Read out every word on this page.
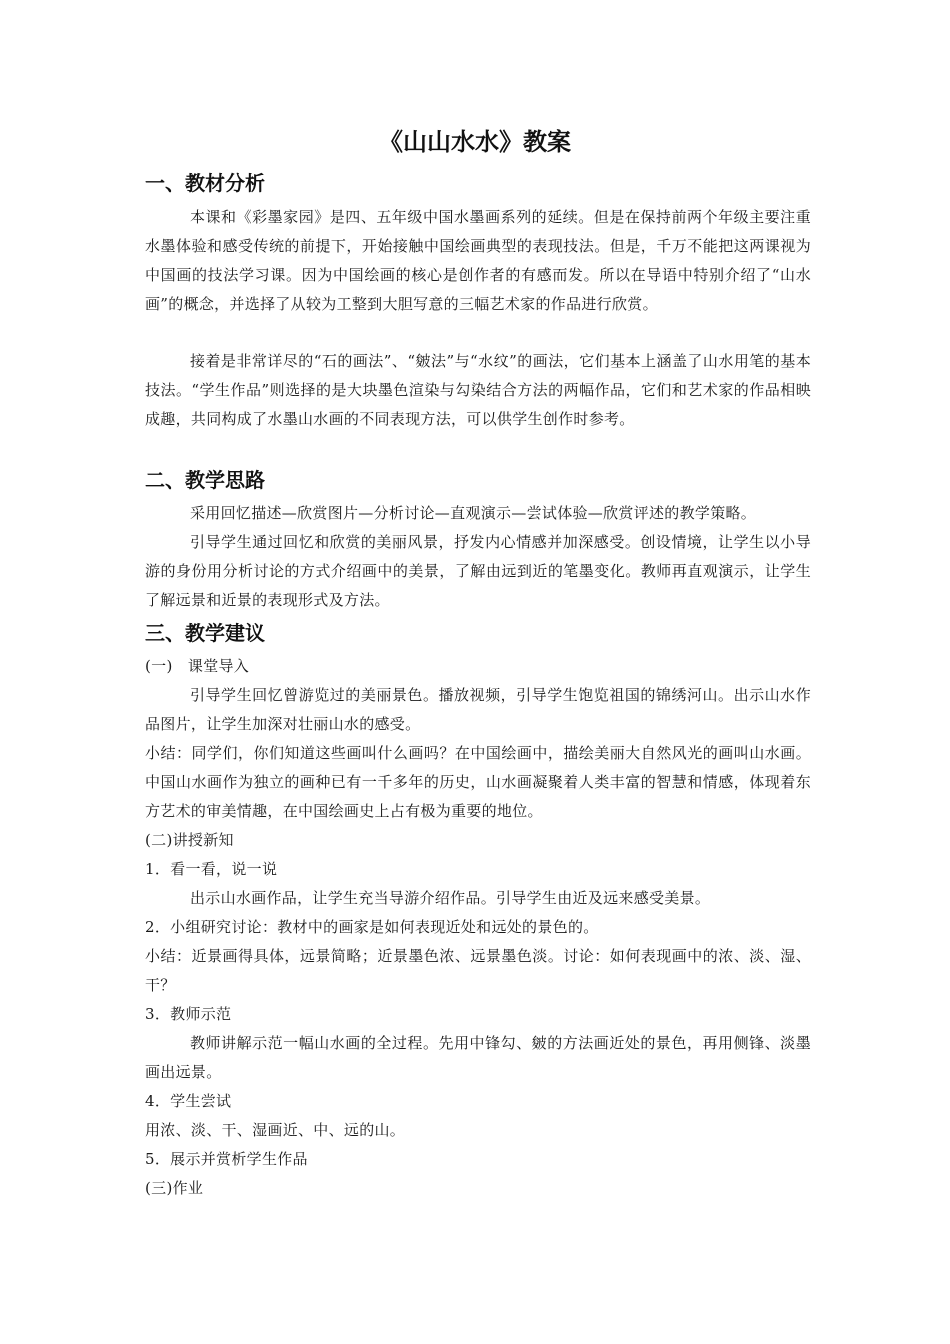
《山山水水》教案
一、教材分析

本课和《彩墨家园》是四、五年级中国水墨画系列的延续。但是在保持前两个年级主要注重水墨体验和感受传统的前提下，开始接触中国绘画典型的表现技法。但是，千万不能把这两课视为中国画的技法学习课。因为中国绘画的核心是创作者的有感而发。所以在导语中特别介绍了“山水画”的概念，并选择了从较为工整到大胆写意的三幅艺术家的作品进行欣赏。

接着是非常详尽的“石的画法”、“皴法”与“水纹”的画法，它们基本上涵盖了山水用笔的基本技法。“学生作品”则选择的是大块墨色渲染与勾染结合方法的两幅作品，它们和艺术家的作品相映成趣，共同构成了水墨山水画的不同表现方法，可以供学生创作时参考。

二、教学思路

采用回忆描述—欣赏图片—分析讨论—直观演示—尝试体验—欣赏评述的教学策略。

引导学生通过回忆和欣赏的美丽风景，抒发内心情感并加深感受。创设情境，让学生以小导游的身份用分析讨论的方式介绍画中的美景，了解由远到近的笔墨变化。教师再直观演示，让学生了解远景和近景的表现形式及方法。

三、教学建议
(一)　课堂导入

引导学生回忆曾游览过的美丽景色。播放视频，引导学生饱览祖国的锦绣河山。出示山水作品图片，让学生加深对壮丽山水的感受。

小结：同学们，你们知道这些画叫什么画吗？在中国绘画中，描绘美丽大自然风光的画叫山水画。中国山水画作为独立的画种已有一千多年的历史，山水画凝聚着人类丰富的智慧和情感，体现着东方艺术的审美情趣，在中国绘画史上占有极为重要的地位。

(二)讲授新知
1．看一看，说一说
出示山水画作品，让学生充当导游介绍作品。引导学生由近及远来感受美景。
2．小组研究讨论：教材中的画家是如何表现近处和远处的景色的。

小结：近景画得具体，远景简略；近景墨色浓、远景墨色淡。讨论：如何表现画中的浓、淡、湿、干？

3．教师示范

教师讲解示范一幅山水画的全过程。先用中锋勾、皴的方法画近处的景色，再用侧锋、淡墨画出远景。

4．学生尝试
用浓、淡、干、湿画近、中、远的山。
5．展示并赏析学生作品
(三)作业
